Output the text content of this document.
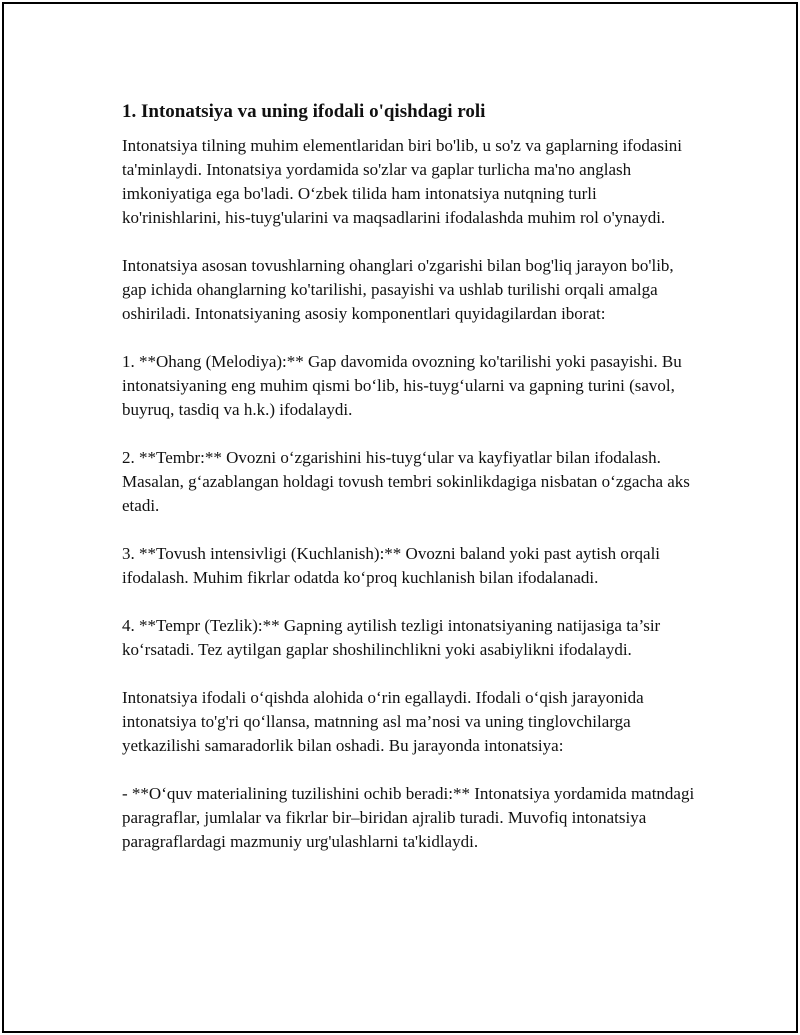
1. Intonatsiya va uning ifodali o'qishdagi roli

Intonatsiya tilning muhim elementlaridan biri bo'lib, u so'z va gaplarning ifodasini ta'minlaydi. Intonatsiya yordamida so'zlar va gaplar turlicha ma'no anglash imkoniyatiga ega bo'ladi. O‘zbek tilida ham intonatsiya nutqning turli ko'rinishlarini, his-tuyg'ularini va maqsadlarini ifodalashda muhim rol o'ynaydi.

Intonatsiya asosan tovushlarning ohanglari o'zgarishi bilan bog'liq jarayon bo'lib, gap ichida ohanglarning ko'tarilishi, pasayishi va ushlab turilishi orqali amalga oshiriladi. Intonatsiyaning asosiy komponentlari quyidagilardan iborat:

1. **Ohang (Melodiya):** Gap davomida ovozning ko'tarilishi yoki pasayishi. Bu intonatsiyaning eng muhim qismi bo‘lib, his-tuyg‘ularni va gapning turini (savol, buyruq, tasdiq va h.k.) ifodalaydi.

2. **Tembr:** Ovozni o‘zgarishini his-tuyg‘ular va kayfiyatlar bilan ifodalash. Masalan, g‘azablangan holdagi tovush tembri sokinlikdagiga nisbatan o‘zgacha aks etadi.

3. **Tovush intensivligi (Kuchlanish):** Ovozni baland yoki past aytish orqali ifodalash. Muhim fikrlar odatda ko‘proq kuchlanish bilan ifodalanadi.

4. **Tempr (Tezlik):** Gapning aytilish tezligi intonatsiyaning natijasiga ta’sir ko‘rsatadi. Tez aytilgan gaplar shoshilinchlikni yoki asabiylikni ifodalaydi.

Intonatsiya ifodali o‘qishda alohida o‘rin egallaydi. Ifodali o‘qish jarayonida intonatsiya to'g'ri qo‘llansa, matnning asl ma’nosi va uning tinglovchilarga yetkazilishi samaradorlik bilan oshadi. Bu jarayonda intonatsiya:

- **O‘quv materialining tuzilishini ochib beradi:** Intonatsiya yordamida matndagi paragraflar, jumlalar va fikrlar bir–biridan ajralib turadi. Muvofiq intonatsiya paragraflardagi mazmuniy urg'ulashlarni ta'kidlaydi.
